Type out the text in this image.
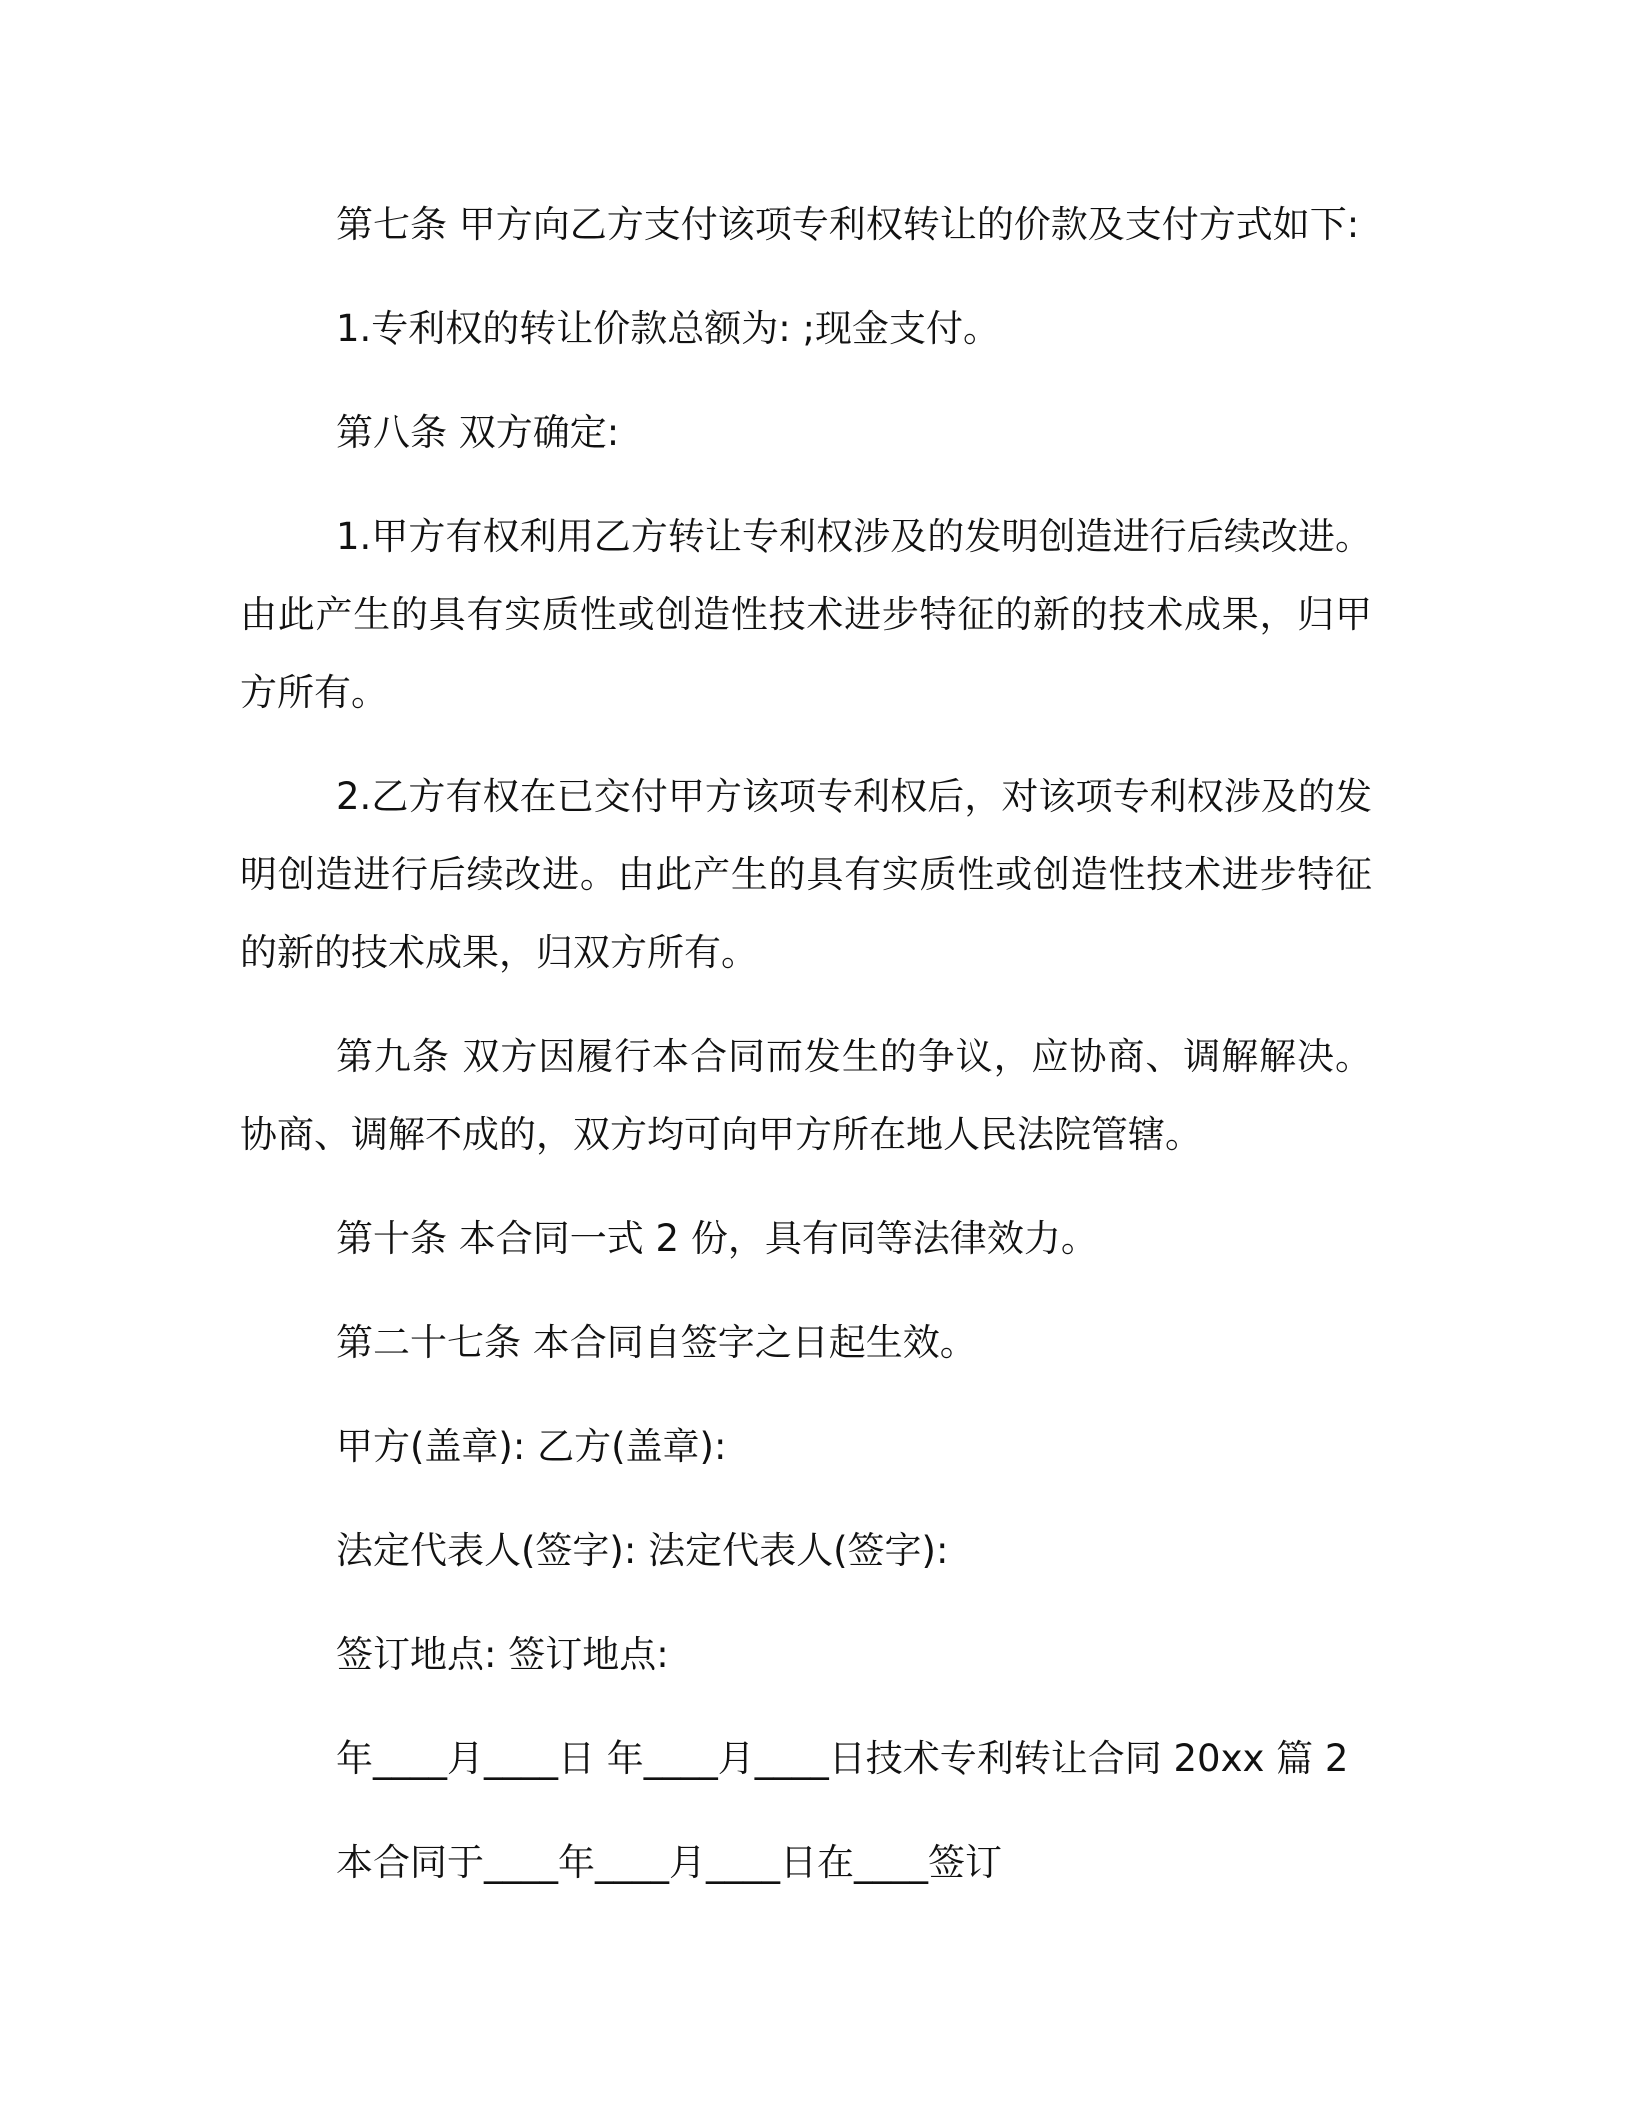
第七条 甲方向乙方支付该项专利权转让的价款及支付方式如下:

1.专利权的转让价款总额为: ;现金支付。

第八条 双方确定:

1.甲方有权利用乙方转让专利权涉及的发明创造进行后续改进。由此产生的具有实质性或创造性技术进步特征的新的技术成果，归甲方所有。

2.乙方有权在已交付甲方该项专利权后，对该项专利权涉及的发明创造进行后续改进。由此产生的具有实质性或创造性技术进步特征的新的技术成果，归双方所有。

第九条 双方因履行本合同而发生的争议，应协商、调解解决。协商、调解不成的，双方均可向甲方所在地人民法院管辖。

第十条 本合同一式 2 份，具有同等法律效力。

第二十七条 本合同自签字之日起生效。

甲方(盖章): 乙方(盖章):

法定代表人(签字): 法定代表人(签字):

签订地点: 签订地点:

年____月____日 年____月____日技术专利转让合同 20xx 篇 2

本合同于____年____月____日在____签订
